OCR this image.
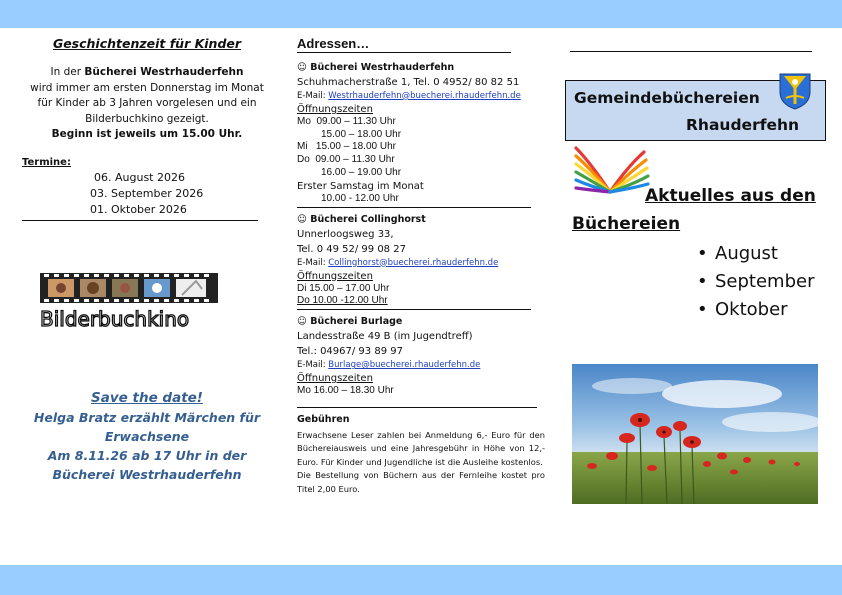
Geschichtenzeit für Kinder
In der Bücherei Westrhauderfehn
wird immer am ersten Donnerstag im Monat
für Kinder ab 3 Jahren vorgelesen und ein
Bilderbuchkino gezeigt.
Beginn ist jeweils um 15.00 Uhr.
Termine:
06. August 2026
03. September 2026
01. Oktober 2026
Bilderbuchkino
Save the date!
Helga Bratz erzählt Märchen für
Erwachsene
Am 8.11.26 ab 17 Uhr in der
Bücherei Westrhauderfehn
Adressen…
☺ Bücherei Westrhauderfehn
Schuhmacherstraße 1, Tel. 0 4952/ 80 82 51
E-Mail: Westrhauderfehn@buecherei.rhauderfehn.de
Öffnungszeiten
Mo 09.00 – 11.30 Uhr
15.00 – 18.00 Uhr
Mi 15.00 – 18.00 Uhr
Do 09.00 – 11.30 Uhr
16.00 – 19.00 Uhr
Erster Samstag im Monat
10.00 - 12.00 Uhr
☺ Bücherei Collinghorst
Unnerloogsweg 33,
Tel. 0 49 52/ 99 08 27
E-Mail: Collinghorst@buecherei.rhauderfehn.de
Öffnungszeiten
Di 15.00 – 17.00 Uhr
Do 10.00 -12.00 Uhr
☺ Bücherei Burlage
Landesstraße 49 B (im Jugendtreff)
Tel.: 04967/ 93 89 97
E-Mail: Burlage@buecherei.rhauderfehn.de
Öffnungszeiten
Mo 16.00 – 18.30 Uhr
Gebühren
Erwachsene Leser zahlen bei Anmeldung 6,- Euro für den Büchereiausweis und eine Jahresgebühr in Höhe von 12,- Euro. Für Kinder und Jugendliche ist die Ausleihe kostenlos.
Die Bestellung von Büchern aus der Fernleihe kostet pro Titel 2,00 Euro.
Gemeindebüchereien
Rhauderfehn
Aktuelles aus den
Büchereien
• August
• September
• Oktober
